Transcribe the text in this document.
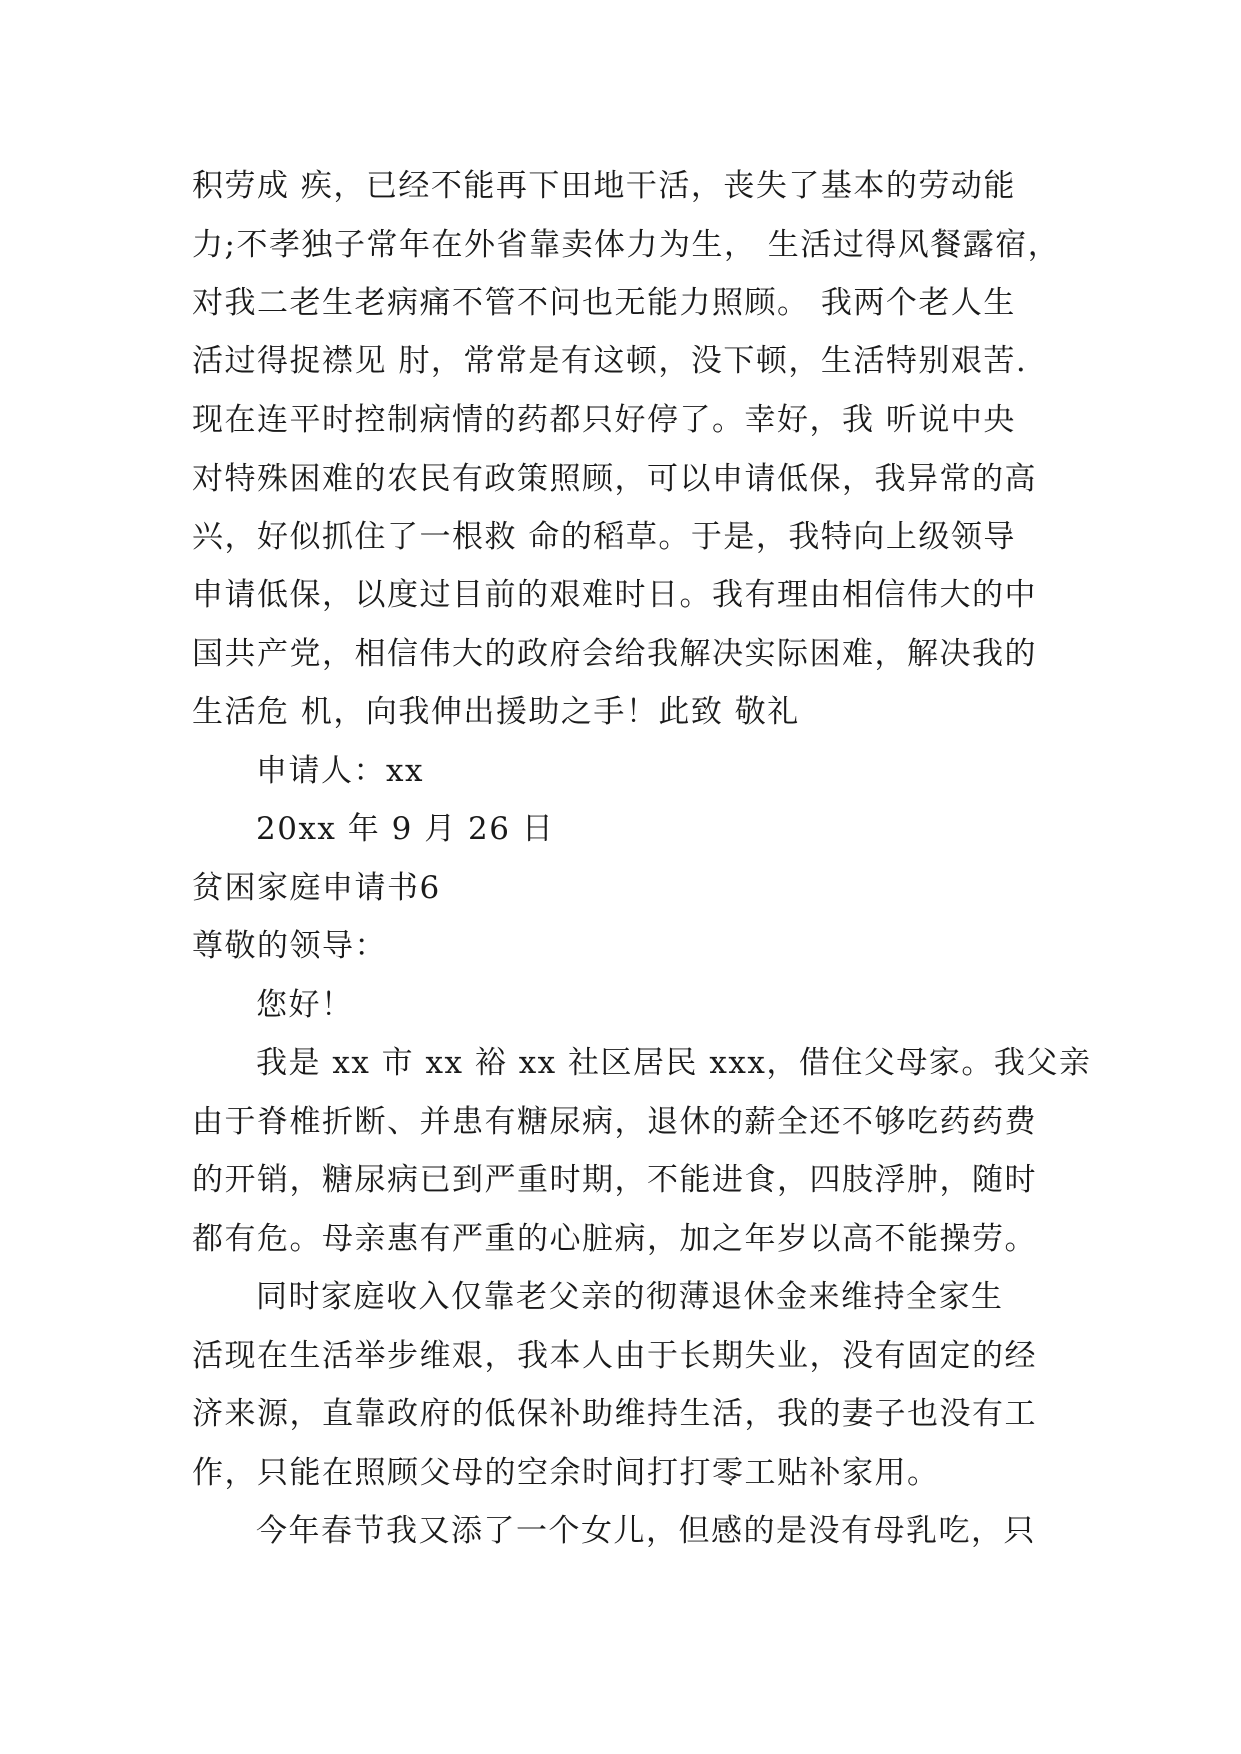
积劳成 疾，已经不能再下田地干活，丧失了基本的劳动能
力;不孝独子常年在外省靠卖体力为生， 生活过得风餐露宿，
对我二老生老病痛不管不问也无能力照顾。 我两个老人生
活过得捉襟见 肘，常常是有这顿，没下顿，生活特别艰苦.
现在连平时控制病情的药都只好停了。幸好，我 听说中央
对特殊困难的农民有政策照顾，可以申请低保，我异常的高
兴，好似抓住了一根救 命的稻草。于是，我特向上级领导
申请低保，以度过目前的艰难时日。我有理由相信伟大的中
国共产党，相信伟大的政府会给我解决实际困难，解决我的
生活危 机，向我伸出援助之手！此致 敬礼
申请人：xx
20xx 年 9 月 26 日
贫困家庭申请书6
尊敬的领导：
您好！
我是 xx 市 xx 裕 xx 社区居民 xxx，借住父母家。我父亲
由于脊椎折断、并患有糖尿病，退休的薪全还不够吃药药费
的开销，糖尿病已到严重时期，不能进食，四肢浮肿，随时
都有危。母亲惠有严重的心脏病，加之年岁以高不能操劳。
同时家庭收入仅靠老父亲的彻薄退休金来维持全家生
活现在生活举步维艰，我本人由于长期失业，没有固定的经
济来源，直靠政府的低保补助维持生活，我的妻子也没有工
作，只能在照顾父母的空余时间打打零工贴补家用。
今年春节我又添了一个女儿，但感的是没有母乳吃，只
